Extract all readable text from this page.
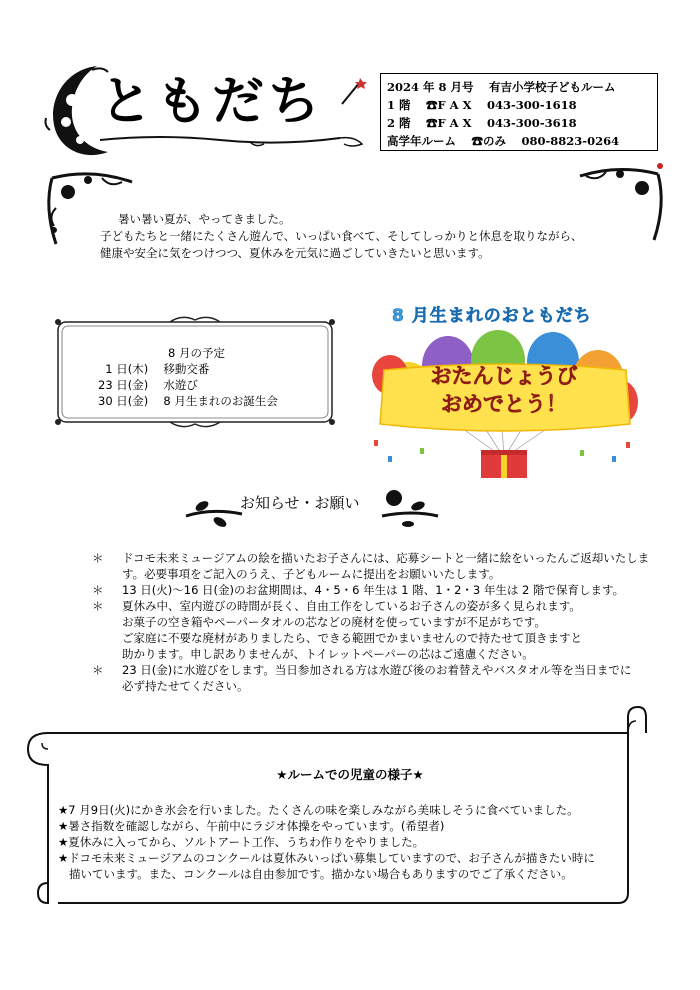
ともだち	2024 年 8 月号　 有吉小学校子どもルーム
1 階　 ☎F A X　 043-300-1618
2 階　 ☎F A X　 043-300-3618
高学年ルーム　 ☎のみ　 080-8823-0264
暑い暑い夏が、やってきました。
子どもたちと一緒にたくさん遊んで、いっぱい食べて、そしてしっかりと休息を取りながら、
健康や安全に気をつけつつ、夏休みを元気に過ごしていきたいと思います。
8 月の予定
1 日(木)　 移動交番
23 日(金)　 水遊び
30 日(金)　 8 月生まれのお誕生会
8 月生まれのおともだち
おたんじょうび
おめでとう！
お知らせ・お願い
＊	ドコモ未来ミュージアムの絵を描いたお子さんには、応募シートと一緒に絵をいったんご返却いたしま
す。必要事項をご記入のうえ、子どもルームに提出をお願いいたします。
＊	13 日(火)～16 日(金)のお盆期間は、4・5・6 年生は 1 階、1・2・3 年生は 2 階で保育します。
＊	夏休み中、室内遊びの時間が長く、自由工作をしているお子さんの姿が多く見られます。
お菓子の空き箱やペーパータオルの芯などの廃材を使っていますが不足がちです。
ご家庭に不要な廃材がありましたら、できる範囲でかまいませんので持たせて頂きますと
助かります。申し訳ありませんが、トイレットペーパーの芯はご遠慮ください。
＊	23 日(金)に水遊びをします。当日参加される方は水遊び後のお着替えやバスタオル等を当日までに
必ず持たせてください。
★ルームでの児童の様子★
★7 月9日(火)にかき氷会を行いました。たくさんの味を楽しみながら美味しそうに食べていました。
★暑さ指数を確認しながら、午前中にラジオ体操をやっています。(希望者)
★夏休みに入ってから、ソルトアート工作、うちわ作りをやりました。
★ドコモ未来ミュージアムのコンクールは夏休みいっぱい募集していますので、お子さんが描きたい時に
描いています。また、コンクールは自由参加です。描かない場合もありますのでご了承ください。
